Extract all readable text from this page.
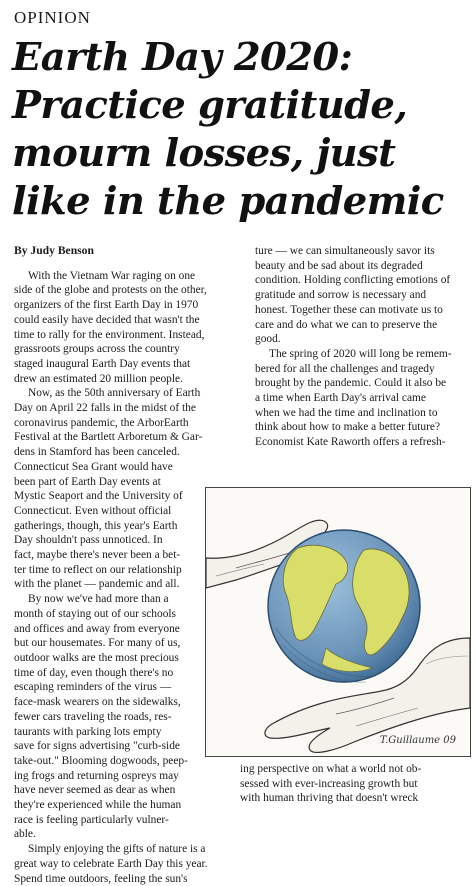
OPINION
Earth Day 2020:
Practice gratitude,
mourn losses, just
like in the pandemic
By Judy Benson
With the Vietnam War raging on one
side of the globe and protests on the other,
organizers of the first Earth Day in 1970
could easily have decided that wasn't the
time to rally for the environment. Instead,
grassroots groups across the country
staged inaugural Earth Day events that
drew an estimated 20 million people.
Now, as the 50th anniversary of Earth
Day on April 22 falls in the midst of the
coronavirus pandemic, the ArborEarth
Festival at the Bartlett Arboretum & Gar-
dens in Stamford has been canceled.
Connecticut Sea Grant would have
been part of Earth Day events at
Mystic Seaport and the University of
Connecticut. Even without official
gatherings, though, this year's Earth
Day shouldn't pass unnoticed. In
fact, maybe there's never been a bet-
ter time to reflect on our relationship
with the planet — pandemic and all.
By now we've had more than a
month of staying out of our schools
and offices and away from everyone
but our housemates. For many of us,
outdoor walks are the most precious
time of day, even though there's no
escaping reminders of the virus —
face-mask wearers on the sidewalks,
fewer cars traveling the roads, res-
taurants with parking lots empty
save for signs advertising "curb-side
take-out." Blooming dogwoods, peep-
ing frogs and returning ospreys may
have never seemed as dear as when
they're experienced while the human
race is feeling particularly vulner-
able.
Simply enjoying the gifts of nature is a
great way to celebrate Earth Day this year.
Spend time outdoors, feeling the sun's
ture — we can simultaneously savor its
beauty and be sad about its degraded
condition. Holding conflicting emotions of
gratitude and sorrow is necessary and
honest. Together these can motivate us to
care and do what we can to preserve the
good.
The spring of 2020 will long be remem-
bered for all the challenges and tragedy
brought by the pandemic. Could it also be
a time when Earth Day's arrival came
when we had the time and inclination to
think about how to make a better future?
Economist Kate Raworth offers a refresh-
T.Guillaume 09
ing perspective on what a world not ob-
sessed with ever-increasing growth but
with human thriving that doesn't wreck
